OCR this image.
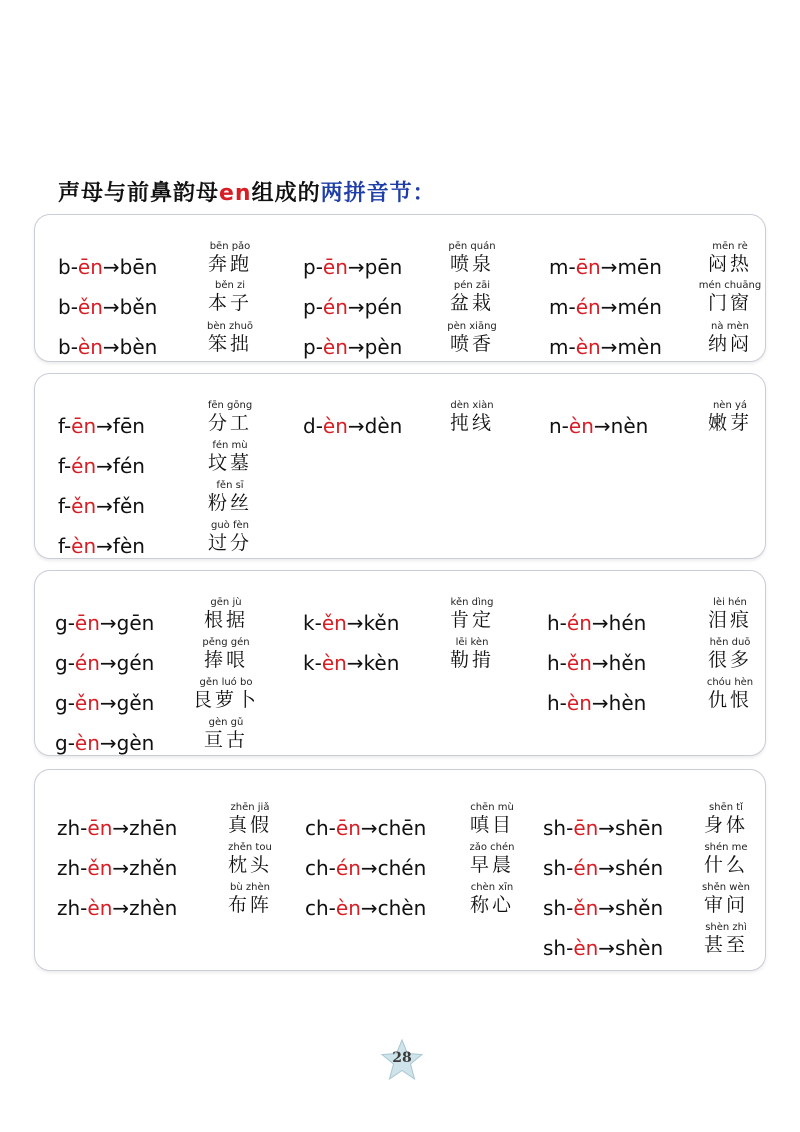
声母与前鼻韵母en组成的两拼音节：
b-ēn→bēn
bēn pǎo
奔跑
b-ěn→běn
běn zi
本子
b-èn→bèn
bèn zhuō
笨拙
p-ēn→pēn
pēn quán
喷泉
p-én→pén
pén zāi
盆栽
p-èn→pèn
pèn xiāng
喷香
m-ēn→mēn
mēn rè
闷热
m-én→mén
mén chuāng
门窗
m-èn→mèn
nà mèn
纳闷
f-ēn→fēn
fēn gōng
分工
f-én→fén
fén mù
坟墓
f-ěn→fěn
fěn sī
粉丝
f-èn→fèn
guò fèn
过分
d-èn→dèn
dèn xiàn
扽线	n-èn→nèn
nèn yá
嫩芽
g-ēn→gēn
gēn jù
根据
g-én→gén
pěng gén
捧哏
g-ěn→gěn
gěn luó bo
艮萝卜
g-èn→gèn
gèn gǔ
亘古
k-ěn→kěn
kěn dìng
肯定
k-èn→kèn
lēi kèn
勒掯
h-én→hén
lèi hén
泪痕
h-ěn→hěn
hěn duō
很多
h-èn→hèn
chóu hèn
仇恨
zh-ēn→zhēn
zhēn jiǎ
真假
zh-ěn→zhěn
zhěn tou
枕头
zh-èn→zhèn
bù zhèn
布阵
ch-ēn→chēn
chēn mù
嗔目
ch-én→chén
zǎo chén
早晨
ch-èn→chèn
chèn xīn
称心
sh-ēn→shēn
shēn tǐ
身体
sh-én→shén
shén me
什么
sh-ěn→shěn
shěn wèn
审问
sh-èn→shèn
shèn zhì
甚至
28
